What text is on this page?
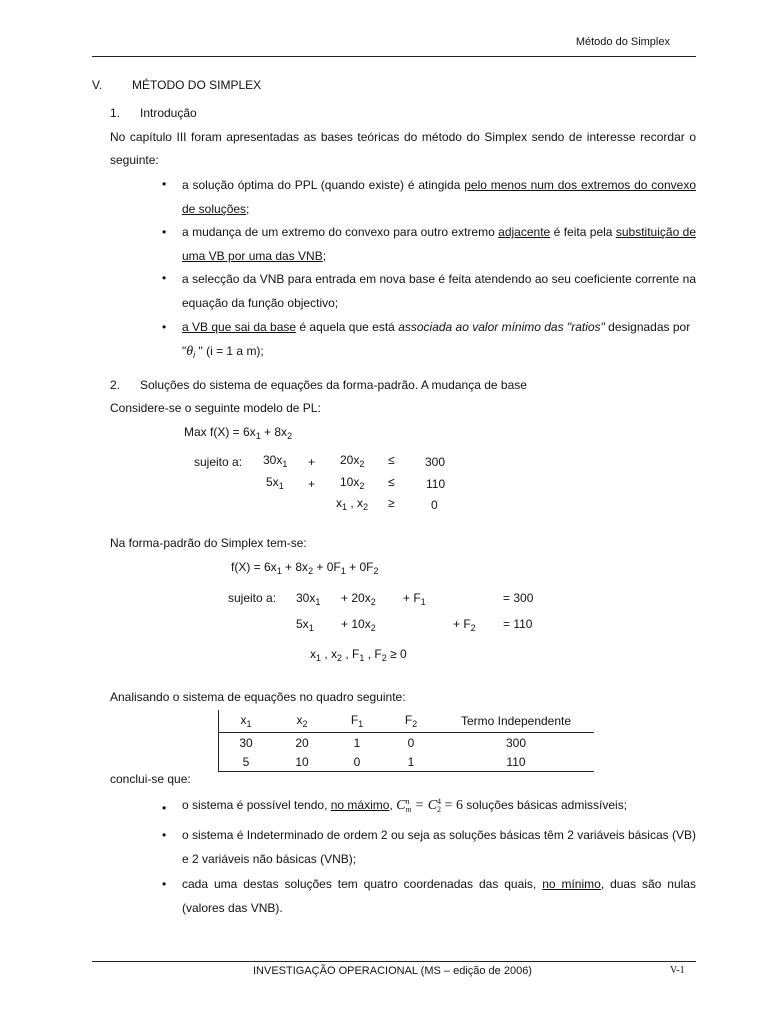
Método do Simplex
V. MÉTODO DO SIMPLEX
1. Introdução
No capítulo III foram apresentadas as bases teóricas do método do Simplex sendo de interesse recordar o seguinte:
• a solução óptima do PPL (quando existe) é atingida pelo menos num dos extremos do convexo de soluções;
• a mudança de um extremo do convexo para outro extremo adjacente é feita pela substituição de uma VB por uma das VNB;
• a selecção da VNB para entrada em nova base é feita atendendo ao seu coeficiente corrente na equação da função objectivo;
• a VB que sai da base é aquela que está associada ao valor mínimo das "ratios" designadas por
"$\theta_i$ " (i = 1 a m);
2. Soluções do sistema de equações da forma-padrão. A mudança de base
Considere-se o seguinte modelo de PL:
Max $f(X) = 6x_1 + 8x_2$
sujeito a: $30x_1 + 20x_2$ ≤	300
$5x_1 + 10x_2$ ≤	110
$x_1$ , $x_2$ ≥	0
Na forma-padrão do Simplex tem-se:
$f(X) = 6x_1 + 8x_2 + 0F_1 + 0F_2$
sujeito a: $30x_1 + 20x_2 + F_1$	= 300
$5x_1 + 10x_2$	+ $F_2 = 110$
$x_1$ , $x_2$ , $F_1$ , $F_2 \ge 0$
Analisando o sistema de equações no quadro seguinte:
$x_1$	$x_2$	$F_1$	$F_2$	Termo Independente
30	20	1	0	300
5	10	0	1	110
conclui-se que:
• o sistema é possível tendo, no máximo, Cn
m = C4
2 = 6 soluções básicas admissíveis;
• o sistema é Indeterminado de ordem 2 ou seja as soluções básicas têm 2 variáveis básicas (VB) e 2 variáveis não básicas (VNB);
• cada uma destas soluções tem quatro coordenadas das quais, no mínimo, duas são nulas (valores das VNB).
INVESTIGAÇÃO OPERACIONAL (MS – edição de 2006)	V-1
